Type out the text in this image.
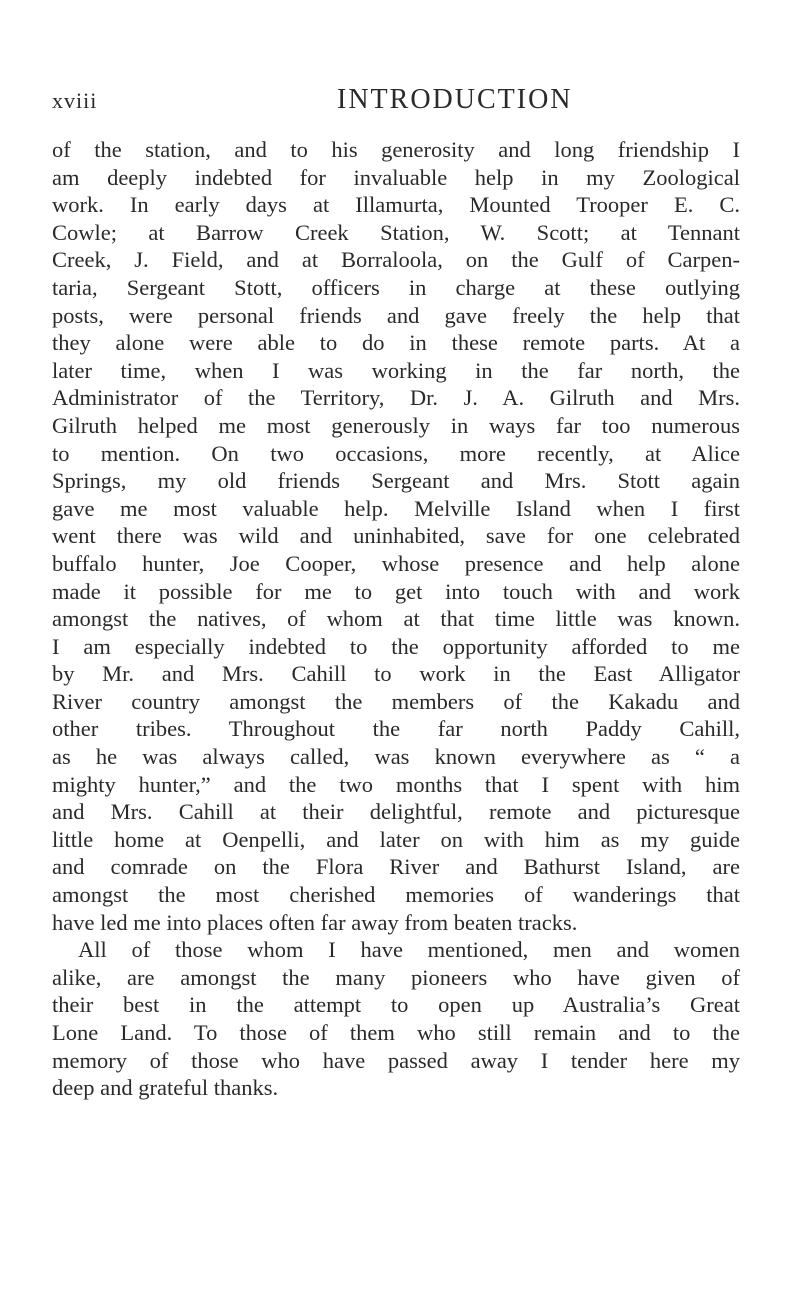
xviii	INTRODUCTION
of the station, and to his generosity and long friendship I
am deeply indebted for invaluable help in my Zoological
work. In early days at Illamurta, Mounted Trooper E. C.
Cowle; at Barrow Creek Station, W. Scott; at Tennant
Creek, J. Field, and at Borraloola, on the Gulf of Carpen-
taria, Sergeant Stott, officers in charge at these outlying
posts, were personal friends and gave freely the help that
they alone were able to do in these remote parts. At a
later time, when I was working in the far north, the
Administrator of the Territory, Dr. J. A. Gilruth and Mrs.
Gilruth helped me most generously in ways far too numerous
to mention. On two occasions, more recently, at Alice
Springs, my old friends Sergeant and Mrs. Stott again
gave me most valuable help. Melville Island when I first
went there was wild and uninhabited, save for one celebrated
buffalo hunter, Joe Cooper, whose presence and help alone
made it possible for me to get into touch with and work
amongst the natives, of whom at that time little was known.
I am especially indebted to the opportunity afforded to me
by Mr. and Mrs. Cahill to work in the East Alligator
River country amongst the members of the Kakadu and
other tribes. Throughout the far north Paddy Cahill,
as he was always called, was known everywhere as “ a
mighty hunter,” and the two months that I spent with him
and Mrs. Cahill at their delightful, remote and picturesque
little home at Oenpelli, and later on with him as my guide
and comrade on the Flora River and Bathurst Island, are
amongst the most cherished memories of wanderings that
have led me into places often far away from beaten tracks.
All of those whom I have mentioned, men and women
alike, are amongst the many pioneers who have given of
their best in the attempt to open up Australia’s Great
Lone Land. To those of them who still remain and to the
memory of those who have passed away I tender here my
deep and grateful thanks.
